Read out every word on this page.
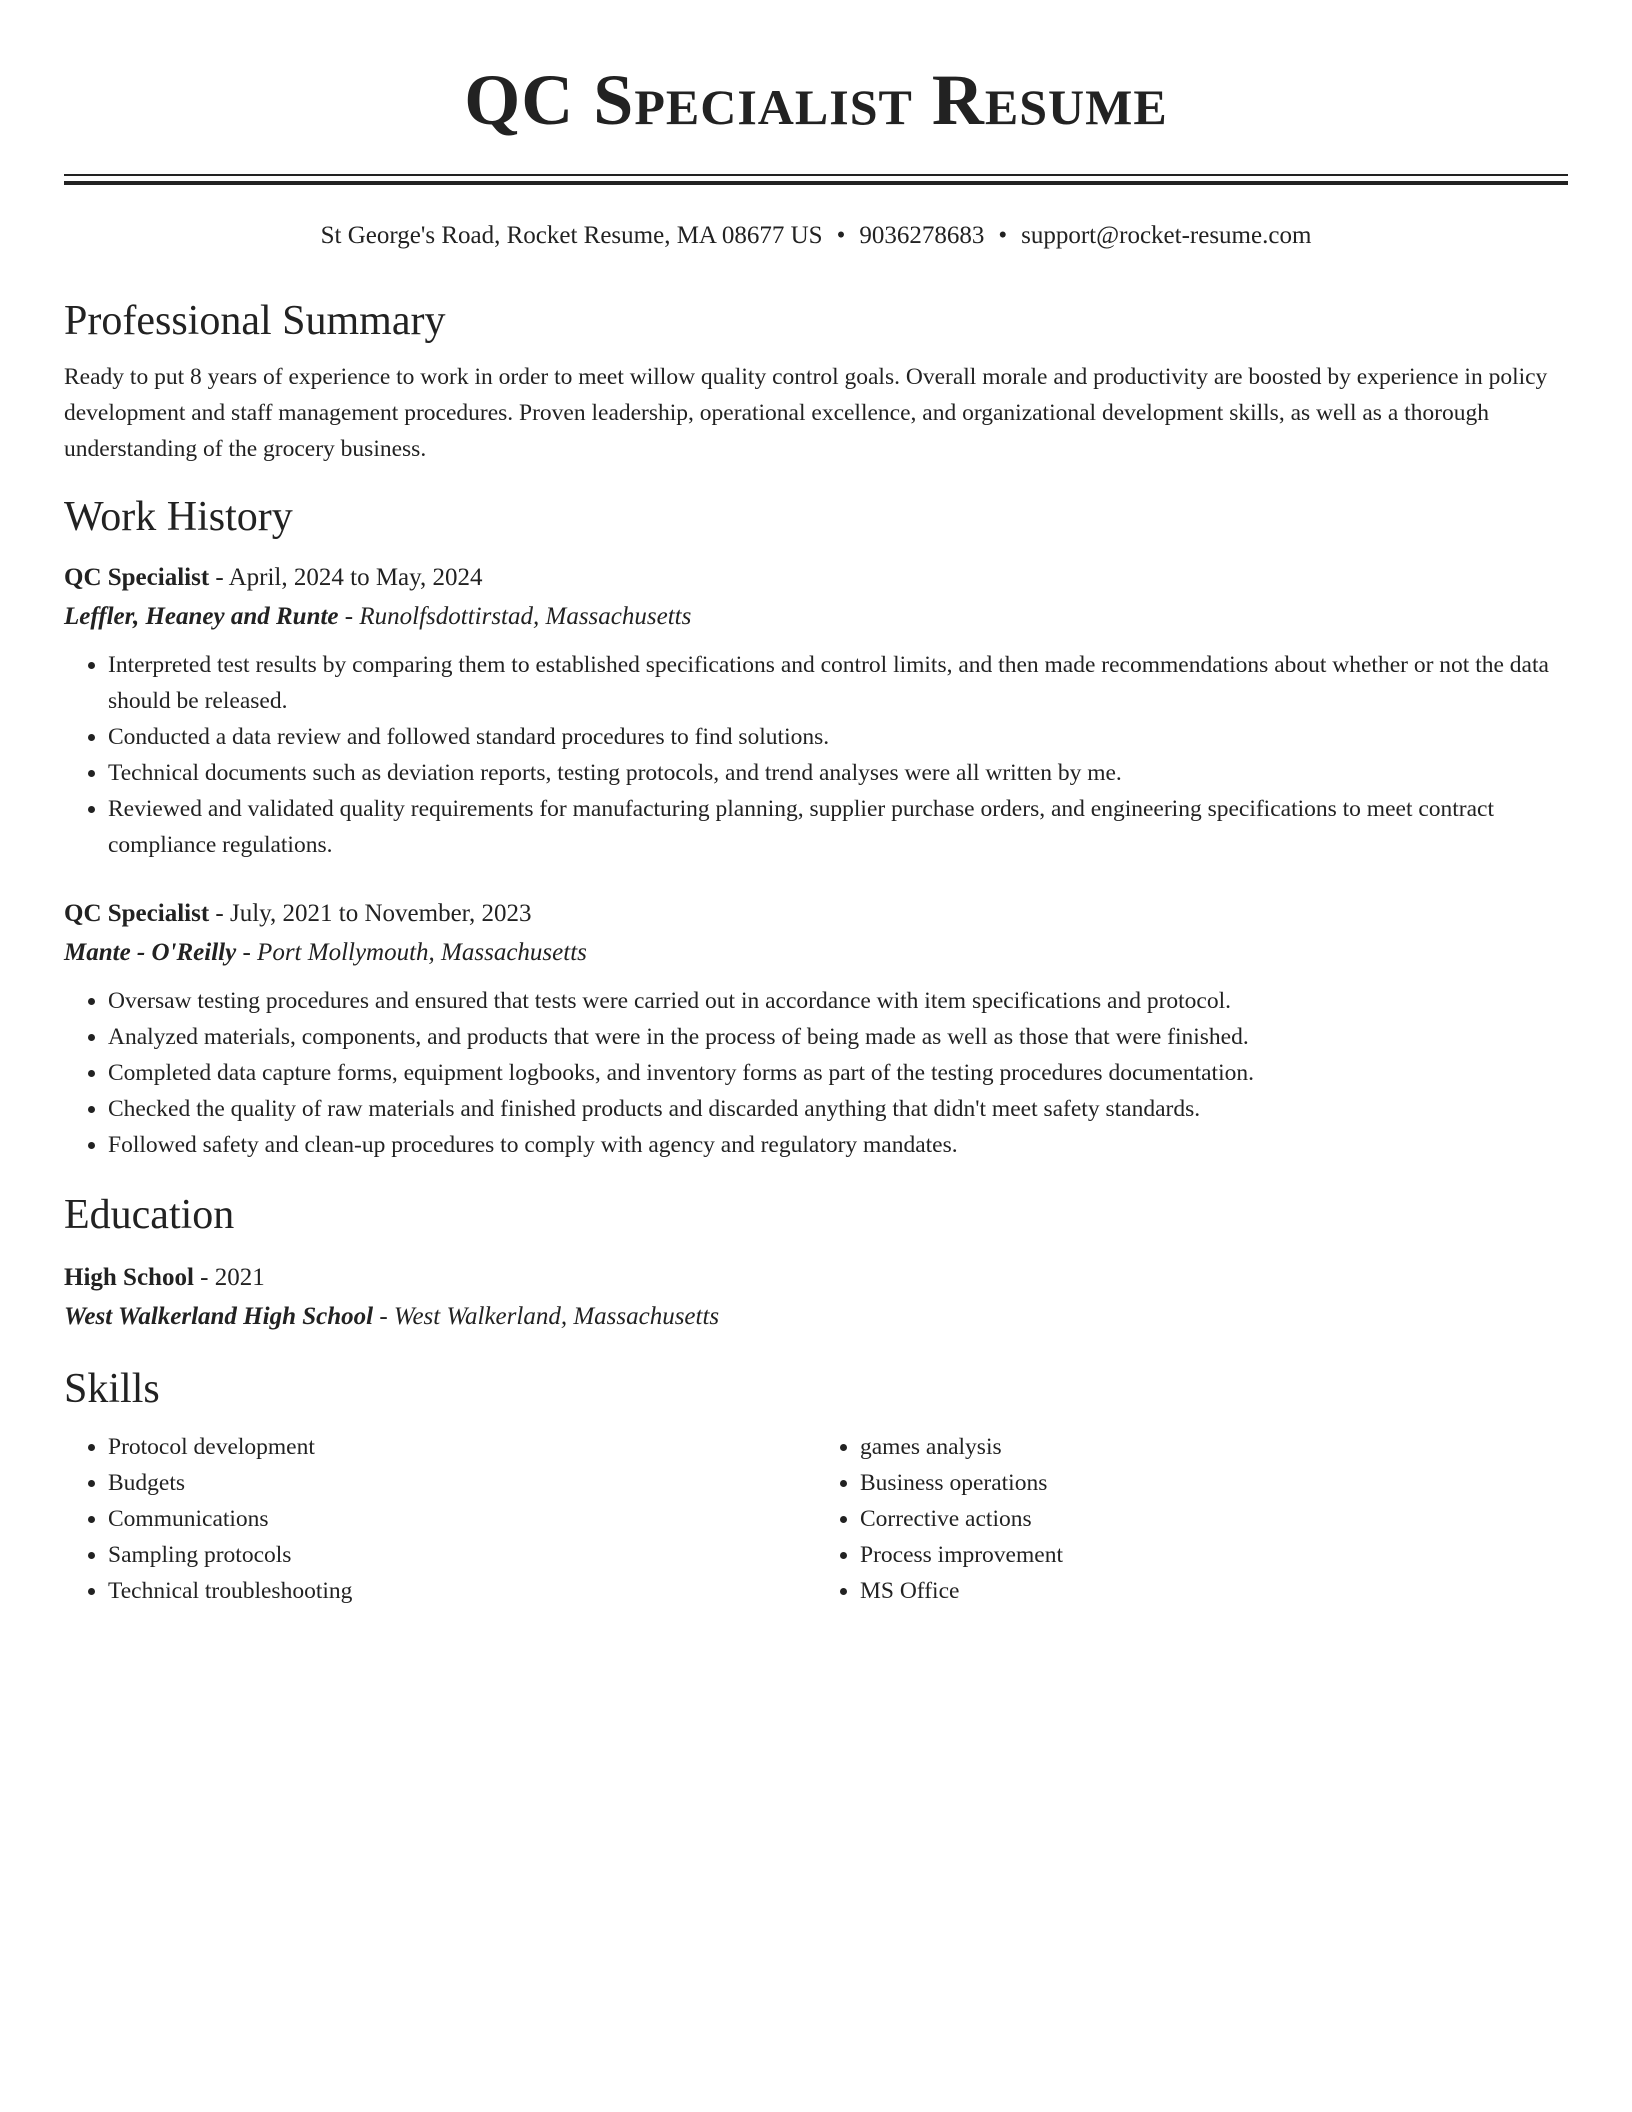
QC Specialist Resume
St George's Road, Rocket Resume, MA 08677 US • 9036278683 • support@rocket-resume.com
Professional Summary
Ready to put 8 years of experience to work in order to meet willow quality control goals. Overall morale and productivity are boosted by experience in policy development and staff management procedures. Proven leadership, operational excellence, and organizational development skills, as well as a thorough understanding of the grocery business.
Work History
QC Specialist - April, 2024 to May, 2024
Leffler, Heaney and Runte - Runolfsdottirstad, Massachusetts
• Interpreted test results by comparing them to established specifications and control limits, and then made recommendations about whether or not the data should be released.
• Conducted a data review and followed standard procedures to find solutions.
• Technical documents such as deviation reports, testing protocols, and trend analyses were all written by me.
• Reviewed and validated quality requirements for manufacturing planning, supplier purchase orders, and engineering specifications to meet contract compliance regulations.
QC Specialist - July, 2021 to November, 2023
Mante - O'Reilly - Port Mollymouth, Massachusetts
• Oversaw testing procedures and ensured that tests were carried out in accordance with item specifications and protocol.
• Analyzed materials, components, and products that were in the process of being made as well as those that were finished.
• Completed data capture forms, equipment logbooks, and inventory forms as part of the testing procedures documentation.
• Checked the quality of raw materials and finished products and discarded anything that didn't meet safety standards.
• Followed safety and clean-up procedures to comply with agency and regulatory mandates.
Education
High School - 2021
West Walkerland High School - West Walkerland, Massachusetts
Skills
• Protocol development
• Budgets
• Communications
• Sampling protocols
• Technical troubleshooting
• games analysis
• Business operations
• Corrective actions
• Process improvement
• MS Office
